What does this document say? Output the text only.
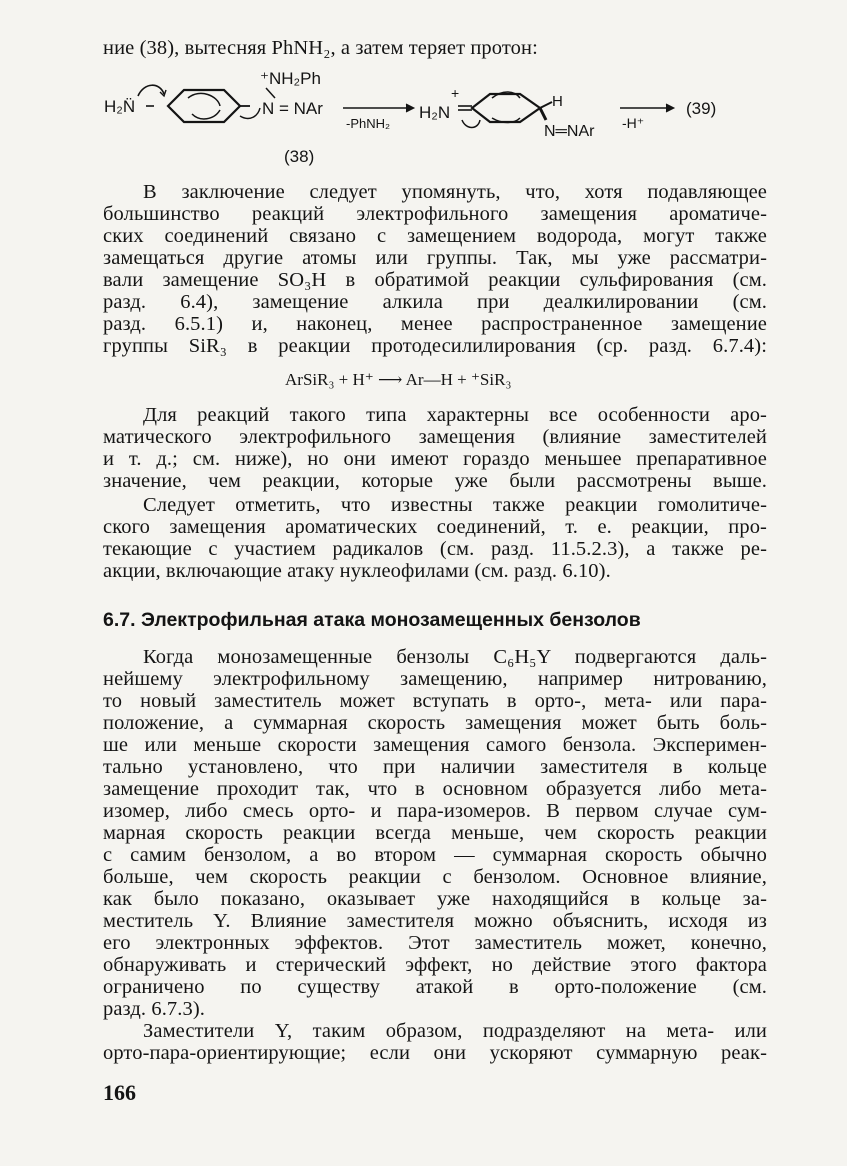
ние (38), вытесняя PhNH₂, а затем теряет протон:
H₂N̈
⁺NH₂Ph
N = NAr
-PhNH₂
H₂N
+	H
N═NAr -H⁺
(39)
(38)
В заключение следует упомянуть, что, хотя подавляющее
большинство реакций электрофильного замещения ароматиче-
ских соединений связано с замещением водорода, могут также
замещаться другие атомы или группы. Так, мы уже рассматри-
вали замещение SO₃H в обратимой реакции сульфирования (см.
разд. 6.4), замещение алкила при деалкилировании (см.
разд. 6.5.1) и, наконец, менее распространенное замещение
группы SiR₃ в реакции протодесилилирования (ср. разд. 6.7.4):
ArSiR₃ + H⁺ ⟶ Ar—H + ⁺SiR₃
Для реакций такого типа характерны все особенности аро-
матического электрофильного замещения (влияние заместителей
и т. д.; см. ниже), но они имеют гораздо меньшее препаративное
значение, чем реакции, которые уже были рассмотрены выше.
Следует отметить, что известны также реакции гомолитиче-
ского замещения ароматических соединений, т. е. реакции, про-
текающие с участием радикалов (см. разд. 11.5.2.3), а также ре-
акции, включающие атаку нуклеофилами (см. разд. 6.10).
6.7. Электрофильная атака монозамещенных бензолов
Когда монозамещенные бензолы C₆H₅Y подвергаются даль-
нейшему электрофильному замещению, например нитрованию,
то новый заместитель может вступать в орто-, мета- или пара-
положение, а суммарная скорость замещения может быть боль-
ше или меньше скорости замещения самого бензола. Эксперимен-
тально установлено, что при наличии заместителя в кольце
замещение проходит так, что в основном образуется либо мета-
изомер, либо смесь орто- и пара-изомеров. В первом случае сум-
марная скорость реакции всегда меньше, чем скорость реакции
с самим бензолом, а во втором — суммарная скорость обычно
больше, чем скорость реакции с бензолом. Основное влияние,
как было показано, оказывает уже находящийся в кольце за-
меститель Y. Влияние заместителя можно объяснить, исходя из
его электронных эффектов. Этот заместитель может, конечно,
обнаруживать и стерический эффект, но действие этого фактора
ограничено по существу атакой в орто-положение (см.
разд. 6.7.3).
Заместители Y, таким образом, подразделяют на мета- или
орто-пара-ориентирующие; если они ускоряют суммарную реак-
166
